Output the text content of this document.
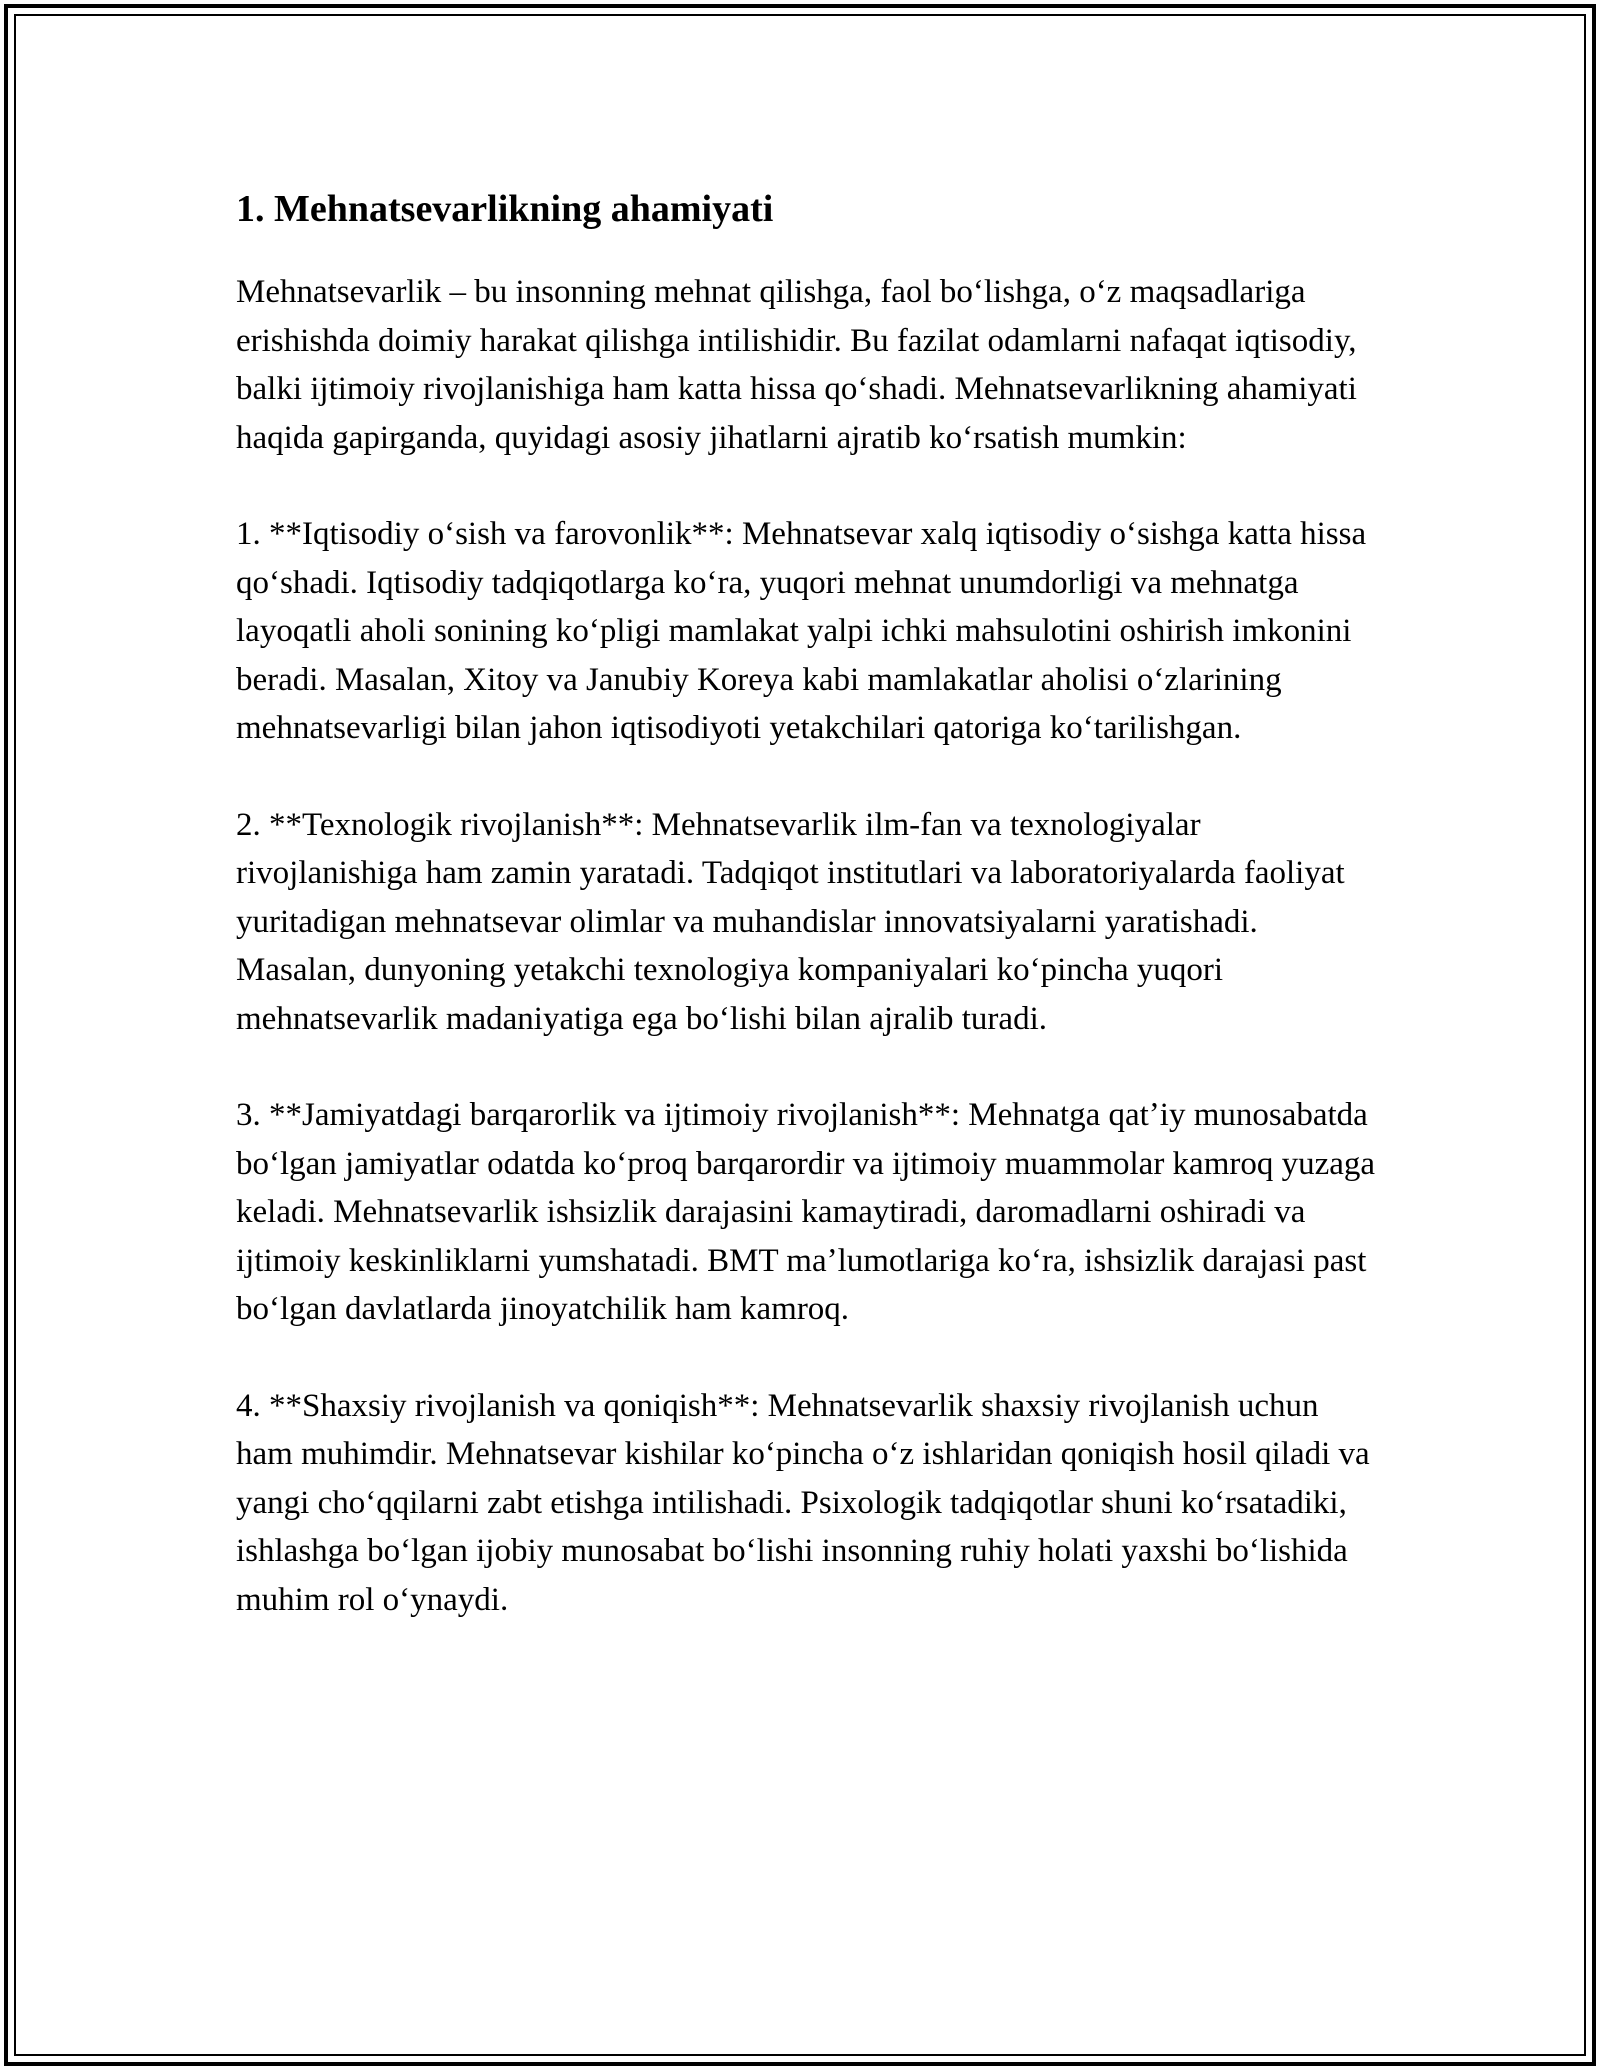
1. Mehnatsevarlikning ahamiyati

Mehnatsevarlik – bu insonning mehnat qilishga, faol boʻlishga, oʻz maqsadlariga erishishda doimiy harakat qilishga intilishidir. Bu fazilat odamlarni nafaqat iqtisodiy, balki ijtimoiy rivojlanishiga ham katta hissa qoʻshadi. Mehnatsevarlikning ahamiyati haqida gapirganda, quyidagi asosiy jihatlarni ajratib koʻrsatish mumkin:

1. **Iqtisodiy oʻsish va farovonlik**: Mehnatsevar xalq iqtisodiy oʻsishga katta hissa qoʻshadi. Iqtisodiy tadqiqotlarga koʻra, yuqori mehnat unumdorligi va mehnatga layoqatli aholi sonining koʻpligi mamlakat yalpi ichki mahsulotini oshirish imkonini beradi. Masalan, Xitoy va Janubiy Koreya kabi mamlakatlar aholisi oʻzlarining mehnatsevarligi bilan jahon iqtisodiyoti yetakchilari qatoriga koʻtarilishgan.

2. **Texnologik rivojlanish**: Mehnatsevarlik ilm-fan va texnologiyalar rivojlanishiga ham zamin yaratadi. Tadqiqot institutlari va laboratoriyalarda faoliyat yuritadigan mehnatsevar olimlar va muhandislar innovatsiyalarni yaratishadi. Masalan, dunyoning yetakchi texnologiya kompaniyalari koʻpincha yuqori mehnatsevarlik madaniyatiga ega boʻlishi bilan ajralib turadi.

3. **Jamiyatdagi barqarorlik va ijtimoiy rivojlanish**: Mehnatga qatʼiy munosabatda boʻlgan jamiyatlar odatda koʻproq barqarordir va ijtimoiy muammolar kamroq yuzaga keladi. Mehnatsevarlik ishsizlik darajasini kamaytiradi, daromadlarni oshiradi va ijtimoiy keskinliklarni yumshatadi. BMT maʼlumotlariga koʻra, ishsizlik darajasi past boʻlgan davlatlarda jinoyatchilik ham kamroq.

4. **Shaxsiy rivojlanish va qoniqish**: Mehnatsevarlik shaxsiy rivojlanish uchun ham muhimdir. Mehnatsevar kishilar koʻpincha oʻz ishlaridan qoniqish hosil qiladi va yangi choʻqqilarni zabt etishga intilishadi. Psixologik tadqiqotlar shuni koʻrsatadiki, ishlashga boʻlgan ijobiy munosabat boʻlishi insonning ruhiy holati yaxshi boʻlishida muhim rol oʻynaydi.
